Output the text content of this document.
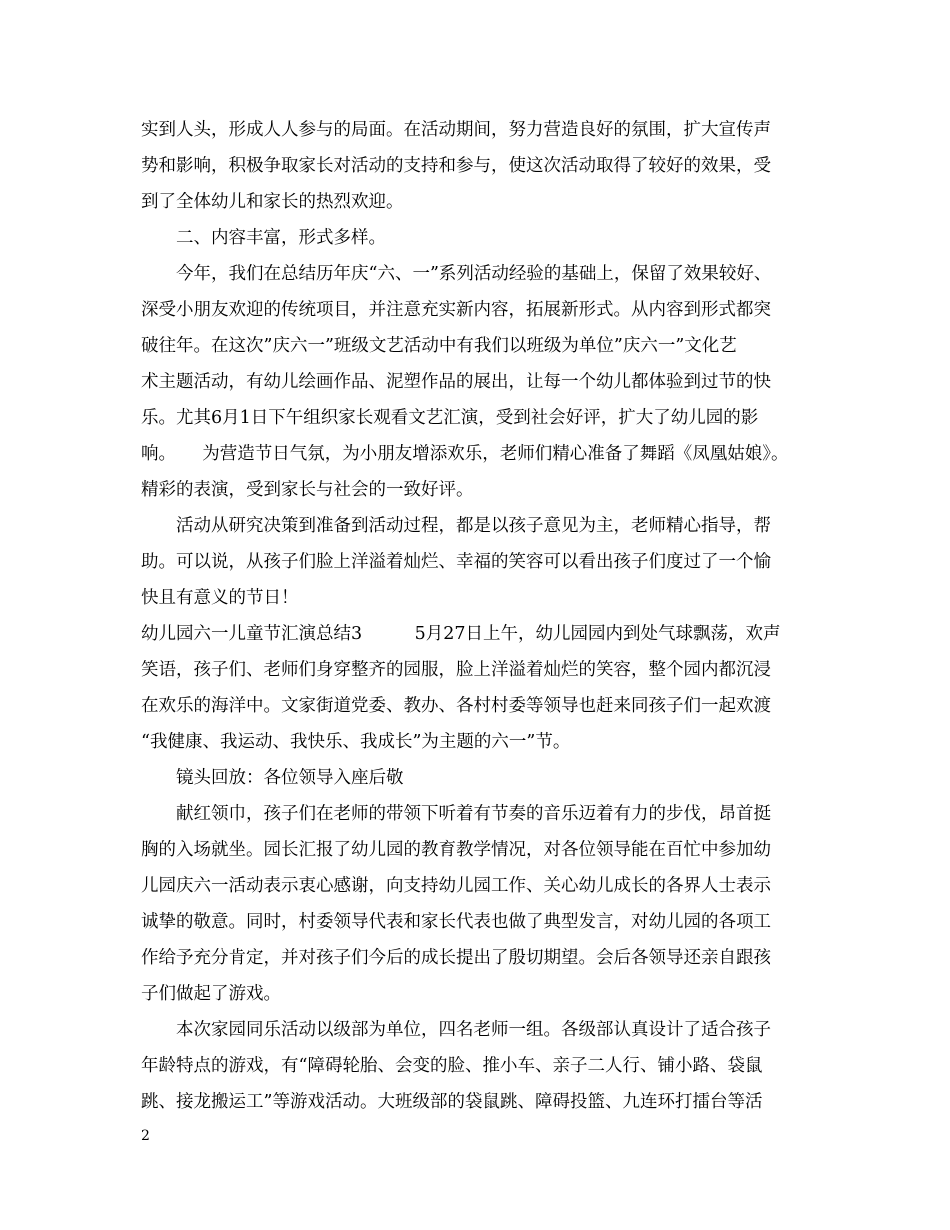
实到人头，形成人人参与的局面。在活动期间，努力营造良好的氛围，扩大宣传声
势和影响，积极争取家长对活动的支持和参与，使这次活动取得了较好的效果，受
到了全体幼儿和家长的热烈欢迎。
　　二、内容丰富，形式多样。
　　今年，我们在总结历年庆“六、一”系列活动经验的基础上，保留了效果较好、
深受小朋友欢迎的传统项目，并注意充实新内容，拓展新形式。从内容到形式都突
破往年。在这次”庆六一”班级文艺活动中有我们以班级为单位”庆六一”文化艺
术主题活动，有幼儿绘画作品、泥塑作品的展出，让每一个幼儿都体验到过节的快
乐。尤其6月1日下午组织家长观看文艺汇演，受到社会好评，扩大了幼儿园的影
响。　　为营造节日气氛，为小朋友增添欢乐，老师们精心准备了舞蹈《凤凰姑娘》。
精彩的表演，受到家长与社会的一致好评。
　　活动从研究决策到准备到活动过程，都是以孩子意见为主，老师精心指导，帮
助。可以说，从孩子们脸上洋溢着灿烂、幸福的笑容可以看出孩子们度过了一个愉
快且有意义的节日！
幼儿园六一儿童节汇演总结3　　　5月27日上午，幼儿园园内到处气球飘荡，欢声
笑语，孩子们、老师们身穿整齐的园服，脸上洋溢着灿烂的笑容，整个园内都沉浸
在欢乐的海洋中。文家街道党委、教办、各村村委等领导也赶来同孩子们一起欢渡
“我健康、我运动、我快乐、我成长”为主题的六一”节。
　　镜头回放：各位领导入座后敬
　　献红领巾，孩子们在老师的带领下听着有节奏的音乐迈着有力的步伐，昂首挺
胸的入场就坐。园长汇报了幼儿园的教育教学情况，对各位领导能在百忙中参加幼
儿园庆六一活动表示衷心感谢，向支持幼儿园工作、关心幼儿成长的各界人士表示
诚挚的敬意。同时，村委领导代表和家长代表也做了典型发言，对幼儿园的各项工
作给予充分肯定，并对孩子们今后的成长提出了殷切期望。会后各领导还亲自跟孩
子们做起了游戏。
　　本次家园同乐活动以级部为单位，四名老师一组。各级部认真设计了适合孩子
年龄特点的游戏，有“障碍轮胎、会变的脸、推小车、亲子二人行、铺小路、袋鼠
跳、接龙搬运工”等游戏活动。大班级部的袋鼠跳、障碍投篮、九连环打擂台等活
2
